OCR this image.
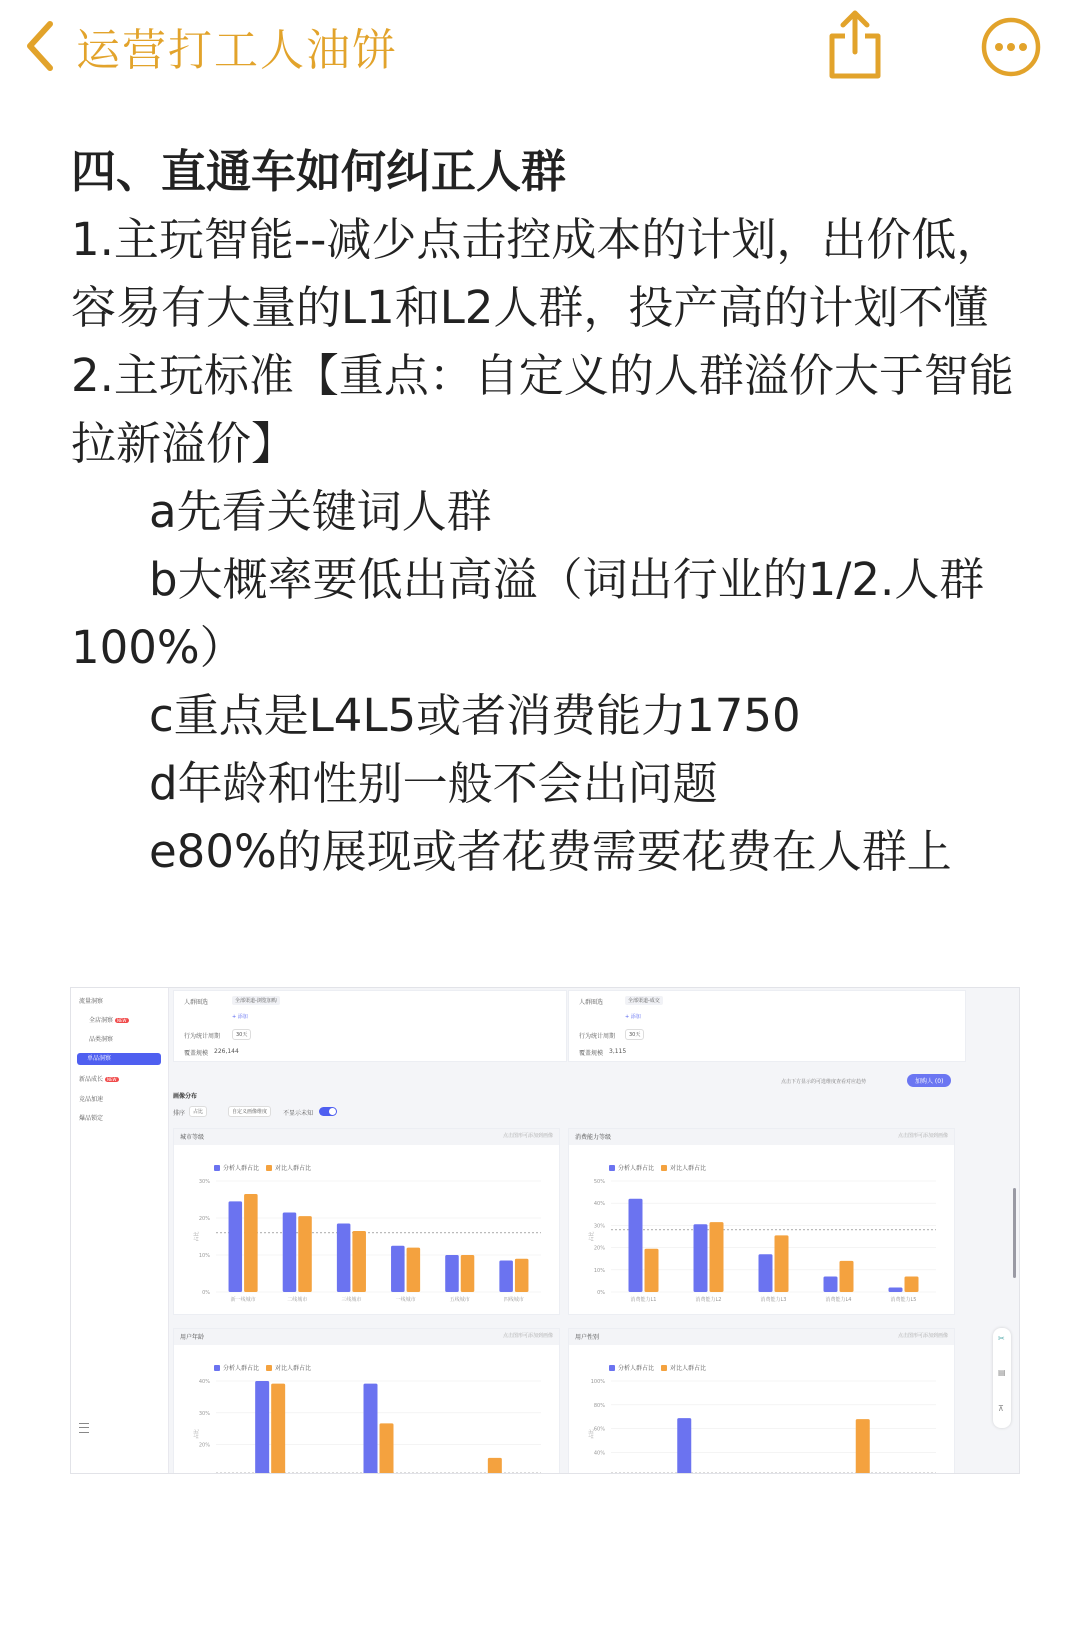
运营打工人油饼

四、直通车如何纠正人群

1.主玩智能--减少点击控成本的计划，出价低，容易有大量的L1和L2人群，投产高的计划不懂

2.主玩标准【重点：自定义的人群溢价大于智能拉新溢价】

a先看关键词人群

b大概率要低出高溢（词出行业的1/2.人群100%）

c重点是L4L5或者消费能力1750

d年龄和性别一般不会出问题

e80%的展现或者花费需要花费在人群上

流量洞察
全店洞察 NEW
品类洞察
单品洞察
新品成长 NEW
竞品加速
爆品锁定
人群圈选	全部渠道-浏览加购
+ 添加
行为统计周期	30天
覆盖规模 226,144
人群圈选	全部渠道-成交
+ 添加
行为统计周期	30天
覆盖规模 3,115
点击下方显示的可选维度查看对应趋势	加购人 (0)
画像分布
排序	占比	自定义画像维度	不显示未知
城市等级	点击图形可添加到画像
分析人群占比	对比人群占比
0%
10%
20%
30%
占比
新一线城市	二线城市	三线城市	一线城市	五线城市	四线城市
消费能力等级	点击图形可添加到画像
分析人群占比	对比人群占比
0%
10%
20%
30%
40%
50%
占比
消费能力L1	消费能力L2	消费能力L3	消费能力L4	消费能力L5
用户年龄	点击图形可添加到画像
分析人群占比	对比人群占比
20%
30%
40%
占比
用户性别	点击图形可添加到画像
分析人群占比	对比人群占比
40%
60%
80%
100%
占比
✂
▤
⊼
